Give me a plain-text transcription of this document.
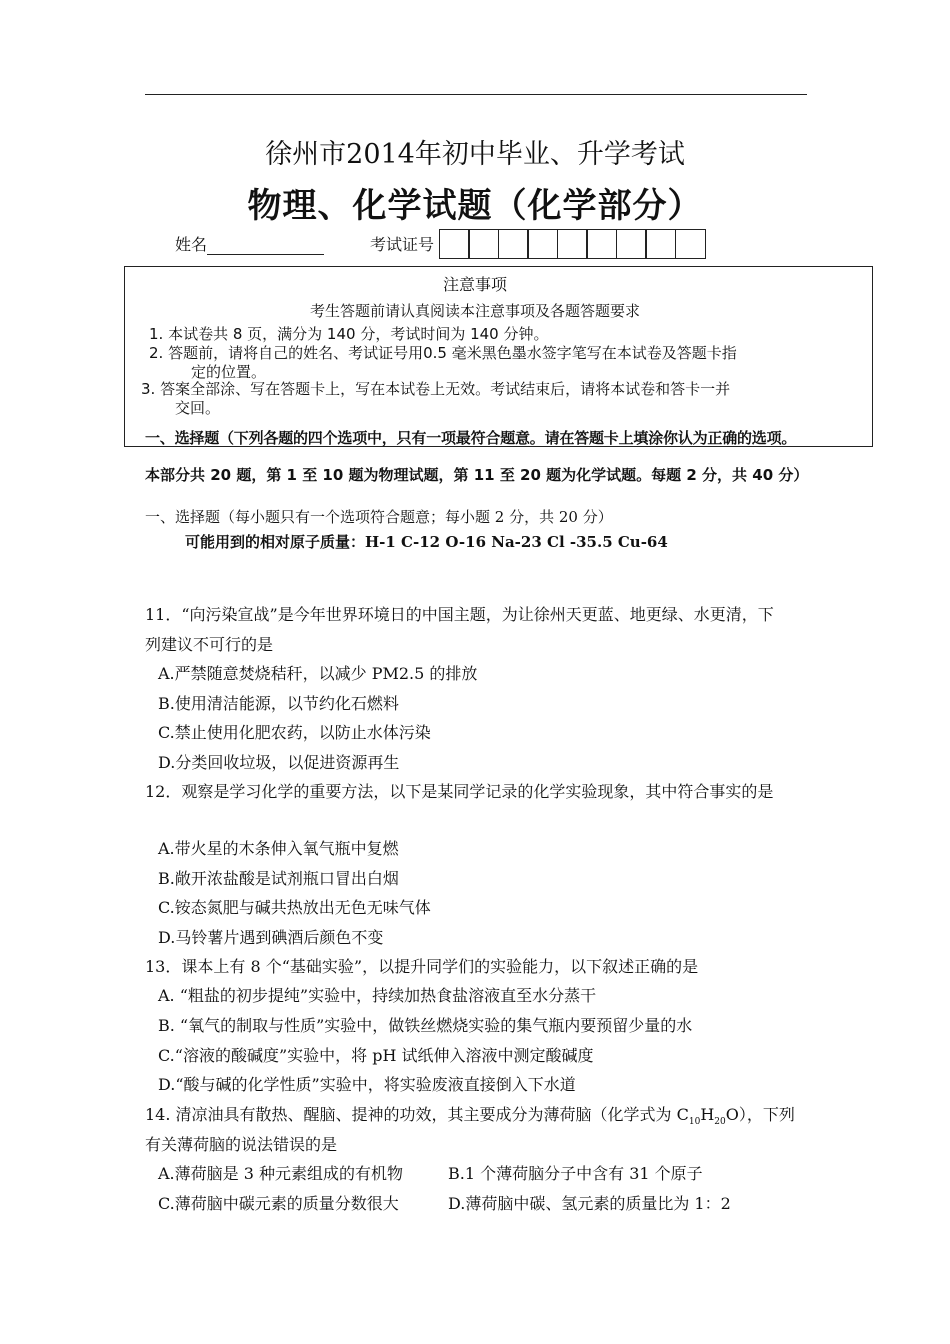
徐州市2014年初中毕业、升学考试
物理、化学试题（化学部分）
姓名	考试证号
注意事项
考生答题前请认真阅读本注意事项及各题答题要求
1. 本试卷共 8 页，满分为 140 分，考试时间为 140 分钟。
2. 答题前，请将自己的姓名、考试证号用0.5 毫米黑色墨水签字笔写在本试卷及答题卡指
定的位置。
3. 答案全部涂、写在答题卡上，写在本试卷上无效。考试结束后，请将本试卷和答卡一并
交回。
一、选择题（下列各题的四个选项中，只有一项最符合题意。请在答题卡上填涂你认为正确的选项。
本部分共 20 题，第 1 至 10 题为物理试题，第 11 至 20 题为化学试题。每题 2 分，共 40 分）
一、选择题（每小题只有一个选项符合题意；每小题 2 分，共 20 分）
可能用到的相对原子质量：H-1 C-12 O-16 Na-23 Cl -35.5 Cu-64
11．“向污染宣战”是今年世界环境日的中国主题，为让徐州天更蓝、地更绿、水更清，下
列建议不可行的是
A.严禁随意焚烧秸秆，以减少 PM2.5 的排放
B.使用清洁能源，以节约化石燃料
C.禁止使用化肥农药，以防止水体污染
D.分类回收垃圾，以促进资源再生
12．观察是学习化学的重要方法，以下是某同学记录的化学实验现象，其中符合事实的是
A.带火星的木条伸入氧气瓶中复燃
B.敞开浓盐酸是试剂瓶口冒出白烟
C.铵态氮肥与碱共热放出无色无味气体
D.马铃薯片遇到碘酒后颜色不变
13．课本上有 8 个“基础实验”，以提升同学们的实验能力，以下叙述正确的是
A. “粗盐的初步提纯”实验中，持续加热食盐溶液直至水分蒸干
B. “氧气的制取与性质”实验中，做铁丝燃烧实验的集气瓶内要预留少量的水
C.“溶液的酸碱度”实验中，将 pH 试纸伸入溶液中测定酸碱度
D.“酸与碱的化学性质”实验中，将实验废液直接倒入下水道
14. 清凉油具有散热、醒脑、提神的功效，其主要成分为薄荷脑（化学式为 $C_{10}H_{20}O$），下列
有关薄荷脑的说法错误的是
A.薄荷脑是 3 种元素组成的有机物	B.1 个薄荷脑分子中含有 31 个原子
C.薄荷脑中碳元素的质量分数很大	D.薄荷脑中碳、氢元素的质量比为 1：2
